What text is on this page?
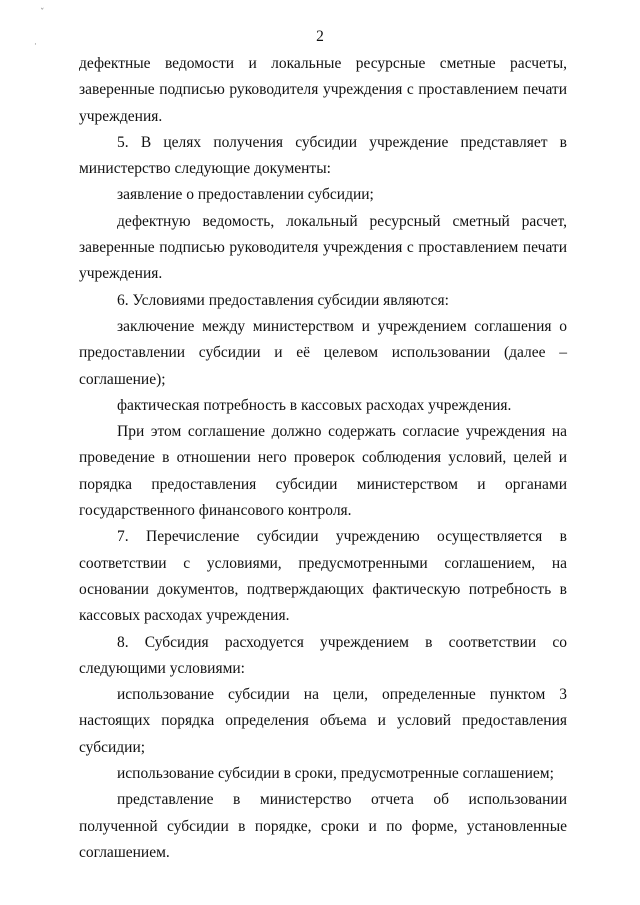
ˇ
·	2

дефектные ведомости и локальные ресурсные сметные расчеты, заверенные подписью руководителя учреждения с проставлением печати учреждения.

5. В целях получения субсидии учреждение представляет в министерство следующие документы:

заявление о предоставлении субсидии;

дефектную ведомость, локальный ресурсный сметный расчет, заверенные подписью руководителя учреждения с проставлением печати учреждения.

6. Условиями предоставления субсидии являются:

заключение между министерством и учреждением соглашения о предоставлении субсидии и её целевом использовании (далее – соглашение);

фактическая потребность в кассовых расходах учреждения.

При этом соглашение должно содержать согласие учреждения на проведение в отношении него проверок соблюдения условий, целей и порядка предоставления субсидии министерством и органами государственного финансового контроля.

7. Перечисление субсидии учреждению осуществляется в соответствии с условиями, предусмотренными соглашением, на основании документов, подтверждающих фактическую потребность в кассовых расходах учреждения.

8. Субсидия расходуется учреждением в соответствии со следующими условиями:

использование субсидии на цели, определенные пунктом 3 настоящих порядка определения объема и условий предоставления субсидии;

использование субсидии в сроки, предусмотренные соглашением;

представление в министерство отчета об использовании полученной субсидии в порядке, сроки и по форме, установленные соглашением.
